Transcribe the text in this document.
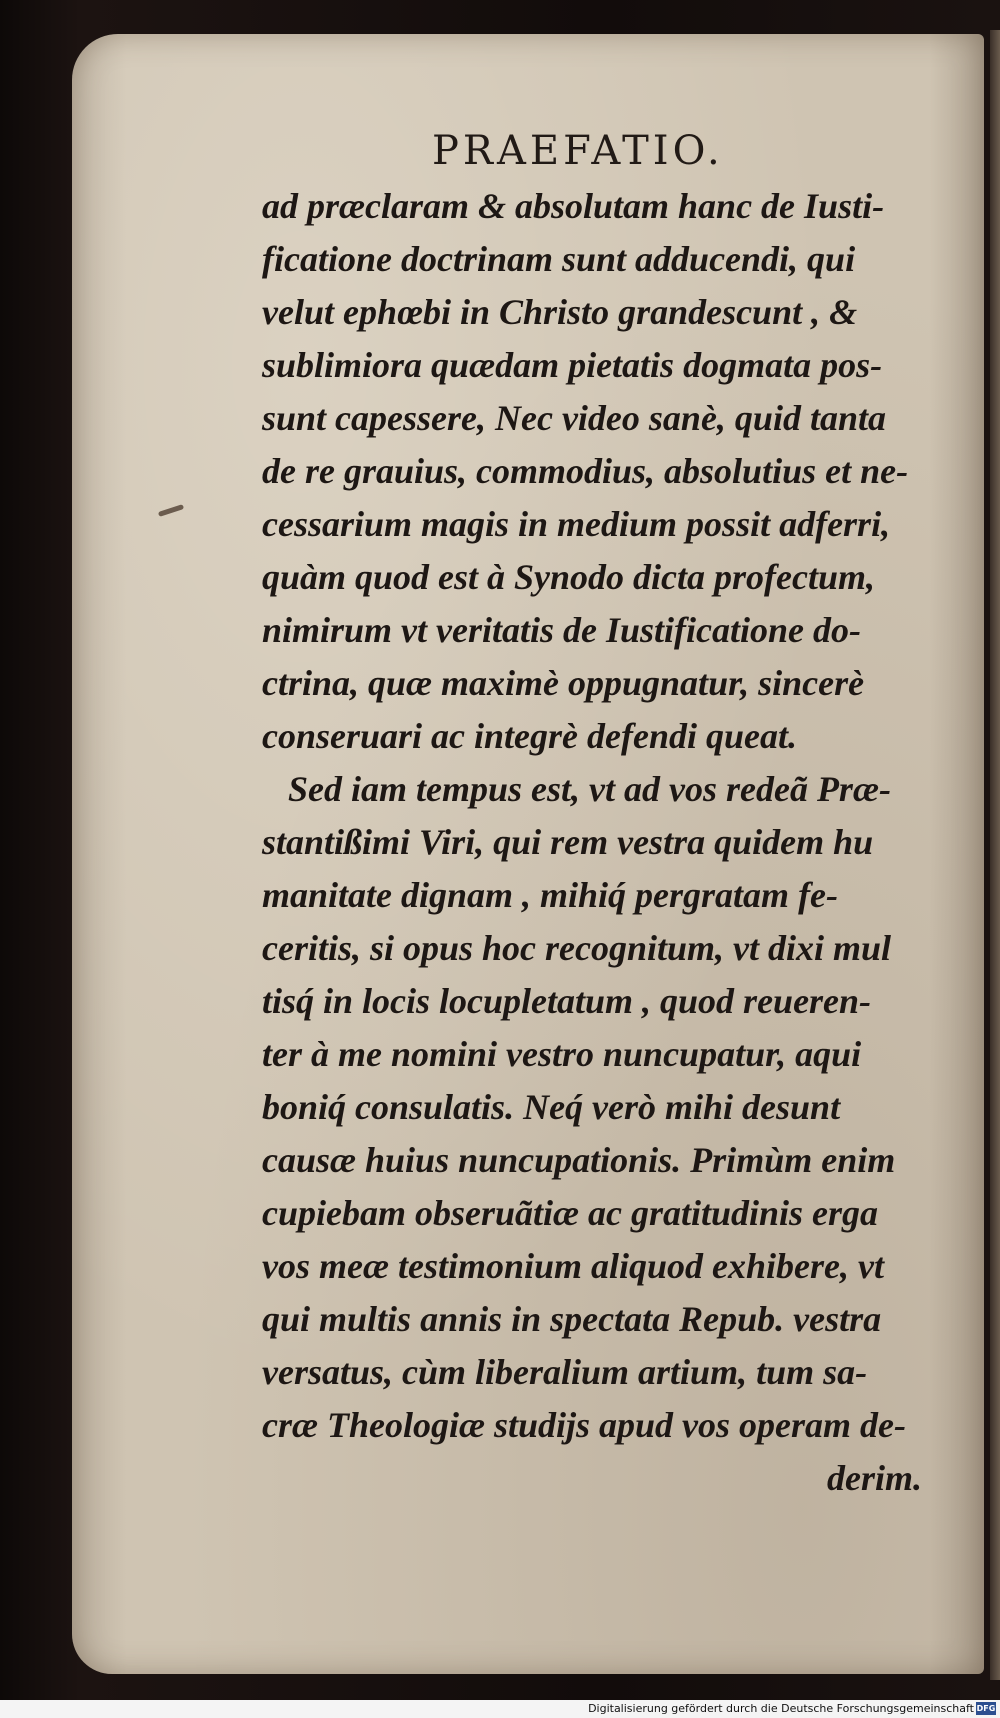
PRAEFATIO.
ad præclaram & absolutam hanc de Iusti-
ficatione doctrinam sunt adducendi, qui
velut ephœbi in Christo grandescunt , &
sublimiora quædam pietatis dogmata pos-
sunt capessere, Nec video sanè, quid tanta
de re grauius, commodius, absolutius et ne-
cessarium magis in medium possit adferri,
quàm quod est à Synodo dicta profectum,
nimirum vt veritatis de Iustificatione do-
ctrina, quæ maximè oppugnatur, sincerè
conseruari ac integrè defendi queat.
Sed iam tempus est, vt ad vos redeã Præ-
stantißimi Viri, qui rem vestra quidem hu
manitate dignam , mihiq́ pergratam fe-
ceritis, si opus hoc recognitum, vt dixi mul
tisq́ in locis locupletatum , quod reueren-
ter à me nomini vestro nuncupatur, aqui
boniq́ consulatis. Neq́ verò mihi desunt
causæ huius nuncupationis. Primùm enim
cupiebam obseruãtiæ ac gratitudinis erga
vos meæ testimonium aliquod exhibere, vt
qui multis annis in spectata Repub. vestra
versatus, cùm liberalium artium, tum sa-
cræ Theologiæ studijs apud vos operam de-
derim.
Digitalisierung gefördert durch die Deutsche Forschungsgemeinschaft DFG
